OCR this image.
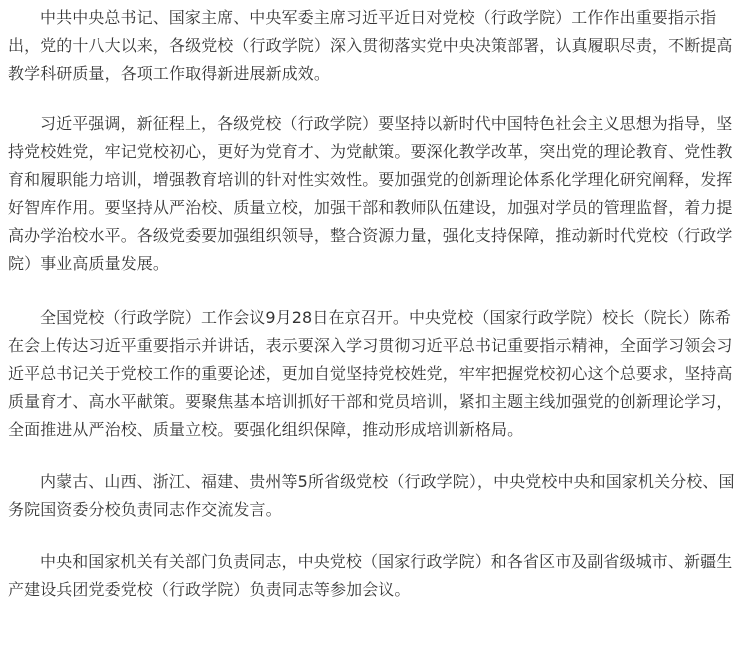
中共中央总书记、国家主席、中央军委主席习近平近日对党校（行政学院）工作作出重要指示指出，党的十八大以来，各级党校（行政学院）深入贯彻落实党中央决策部署，认真履职尽责，不断提高教学科研质量，各项工作取得新进展新成效。

习近平强调，新征程上，各级党校（行政学院）要坚持以新时代中国特色社会主义思想为指导，坚持党校姓党，牢记党校初心，更好为党育才、为党献策。要深化教学改革，突出党的理论教育、党性教育和履职能力培训，增强教育培训的针对性实效性。要加强党的创新理论体系化学理化研究阐释，发挥好智库作用。要坚持从严治校、质量立校，加强干部和教师队伍建设，加强对学员的管理监督，着力提高办学治校水平。各级党委要加强组织领导，整合资源力量，强化支持保障，推动新时代党校（行政学院）事业高质量发展。

全国党校（行政学院）工作会议9月28日在京召开。中央党校（国家行政学院）校长（院长）陈希在会上传达习近平重要指示并讲话，表示要深入学习贯彻习近平总书记重要指示精神，全面学习领会习近平总书记关于党校工作的重要论述，更加自觉坚持党校姓党，牢牢把握党校初心这个总要求，坚持高质量育才、高水平献策。要聚焦基本培训抓好干部和党员培训，紧扣主题主线加强党的创新理论学习，全面推进从严治校、质量立校。要强化组织保障，推动形成培训新格局。

内蒙古、山西、浙江、福建、贵州等5所省级党校（行政学院），中央党校中央和国家机关分校、国务院国资委分校负责同志作交流发言。

中央和国家机关有关部门负责同志，中央党校（国家行政学院）和各省区市及副省级城市、新疆生产建设兵团党委党校（行政学院）负责同志等参加会议。
